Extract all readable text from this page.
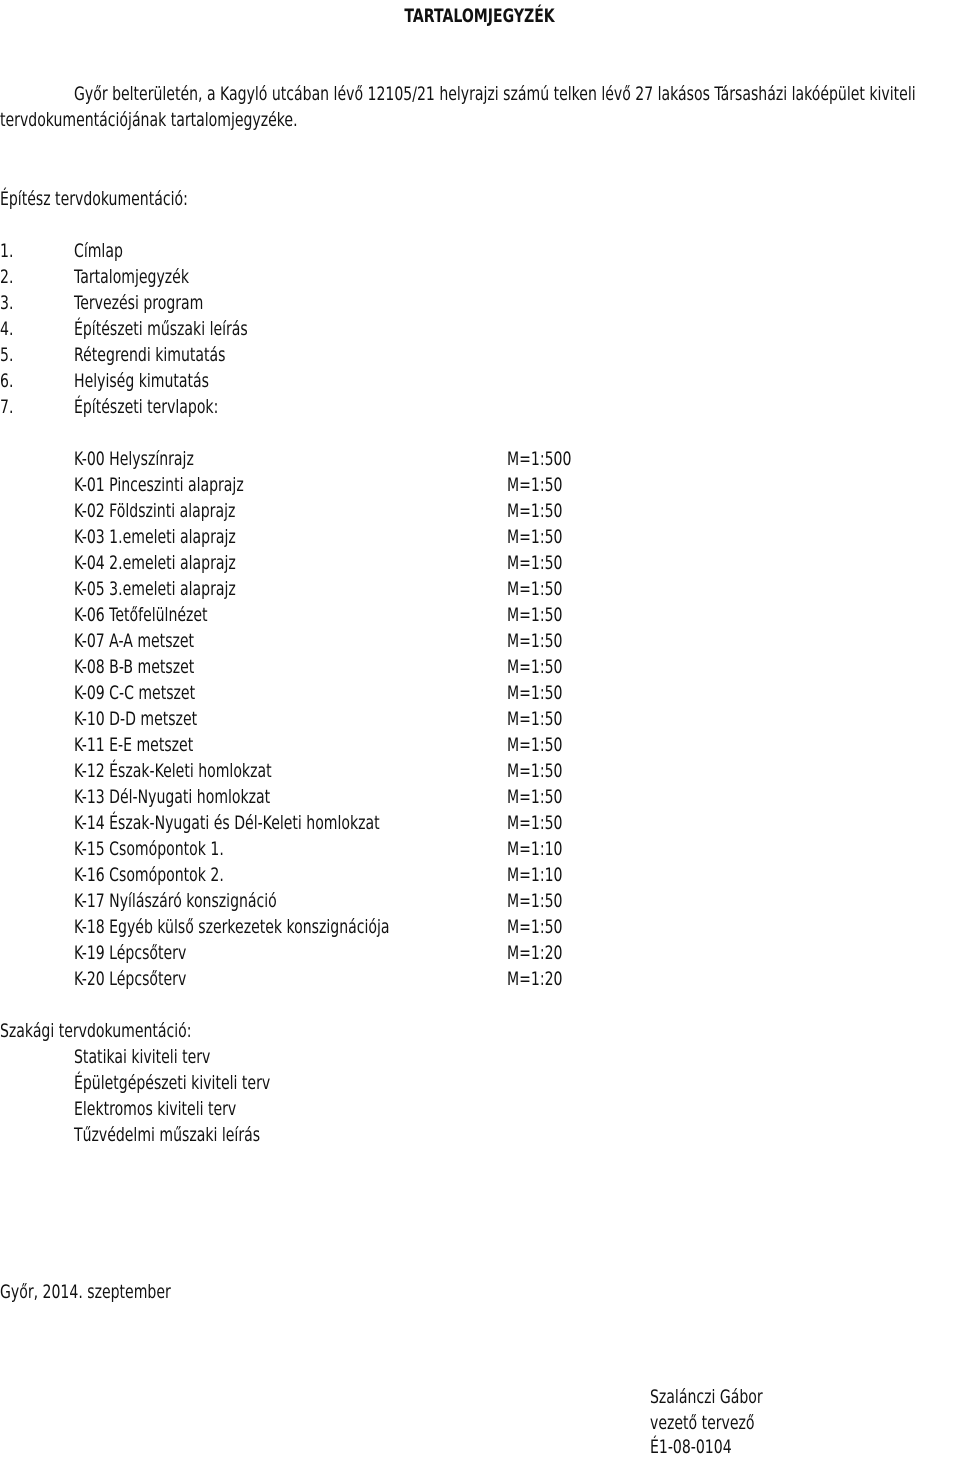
TARTALOMJEGYZÉK
Győr belterületén, a Kagyló utcában lévő 12105/21 helyrajzi számú telken lévő 27 lakásos Társasházi lakóépület kiviteli
tervdokumentációjának tartalomjegyzéke.
Építész tervdokumentáció:
1.	Címlap
2.	Tartalomjegyzék
3.	Tervezési program
4.	Építészeti műszaki leírás
5.	Rétegrendi kimutatás
6.	Helyiség kimutatás
7.	Építészeti tervlapok:
K-00 Helyszínrajz	M=1:500
K-01 Pinceszinti alaprajz	M=1:50
K-02 Földszinti alaprajz	M=1:50
K-03 1.emeleti alaprajz	M=1:50
K-04 2.emeleti alaprajz	M=1:50
K-05 3.emeleti alaprajz	M=1:50
K-06 Tetőfelülnézet	M=1:50
K-07 A-A metszet	M=1:50
K-08 B-B metszet	M=1:50
K-09 C-C metszet	M=1:50
K-10 D-D metszet	M=1:50
K-11 E-E metszet	M=1:50
K-12 Észak-Keleti homlokzat	M=1:50
K-13 Dél-Nyugati homlokzat	M=1:50
K-14 Észak-Nyugati és Dél-Keleti homlokzat	M=1:50
K-15 Csomópontok 1.	M=1:10
K-16 Csomópontok 2.	M=1:10
K-17 Nyílászáró konszignáció	M=1:50
K-18 Egyéb külső szerkezetek konszignációja	M=1:50
K-19 Lépcsőterv	M=1:20
K-20 Lépcsőterv	M=1:20
Szakági tervdokumentáció:
Statikai kiviteli terv
Épületgépészeti kiviteli terv
Elektromos kiviteli terv
Tűzvédelmi műszaki leírás
Győr, 2014. szeptember
Szalánczi Gábor
vezető tervező
É1-08-0104
